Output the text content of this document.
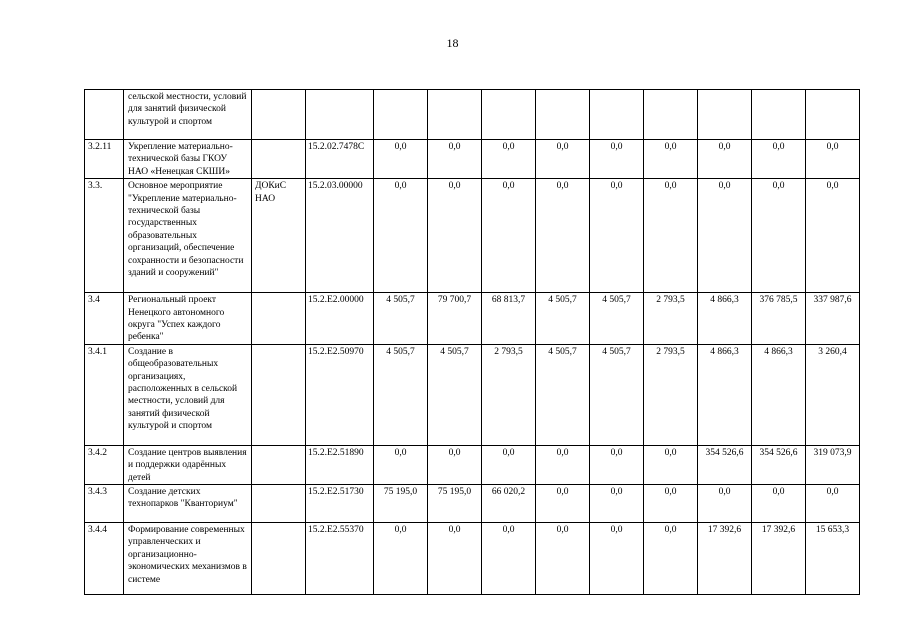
18
	сельской местности, условий для занятий физической культурой и спортом											
3.2.11	Укрепление материально-технической базы ГКОУ НАО «Ненецкая СКШИ»		15.2.02.7478C	0,0	0,0	0,0	0,0	0,0	0,0	0,0	0,0	0,0
3.3.	Основное мероприятие "Укрепление материально-технической базы государственных образовательных организаций, обеспечение сохранности и безопасности зданий и сооружений"	ДОКиС НАО	15.2.03.00000	0,0	0,0	0,0	0,0	0,0	0,0	0,0	0,0	0,0
3.4	Региональный проект Ненецкого автономного округа "Успех каждого ребенка"		15.2.E2.00000	4 505,7	79 700,7	68 813,7	4 505,7	4 505,7	2 793,5	4 866,3	376 785,5	337 987,6
3.4.1	Создание в общеобразовательных организациях, расположенных в сельской местности, условий для занятий физической культурой и спортом		15.2.E2.50970	4 505,7	4 505,7	2 793,5	4 505,7	4 505,7	2 793,5	4 866,3	4 866,3	3 260,4
3.4.2	Создание центров выявления и поддержки одарённых детей		15.2.E2.51890	0,0	0,0	0,0	0,0	0,0	0,0	354 526,6	354 526,6	319 073,9
3.4.3	Создание детских технопарков "Кванториум"		15.2.E2.51730	75 195,0	75 195,0	66 020,2	0,0	0,0	0,0	0,0	0,0	0,0
3.4.4	Формирование современных управленческих и организационно-экономических механизмов в системе		15.2.E2.55370	0,0	0,0	0,0	0,0	0,0	0,0	17 392,6	17 392,6	15 653,3
